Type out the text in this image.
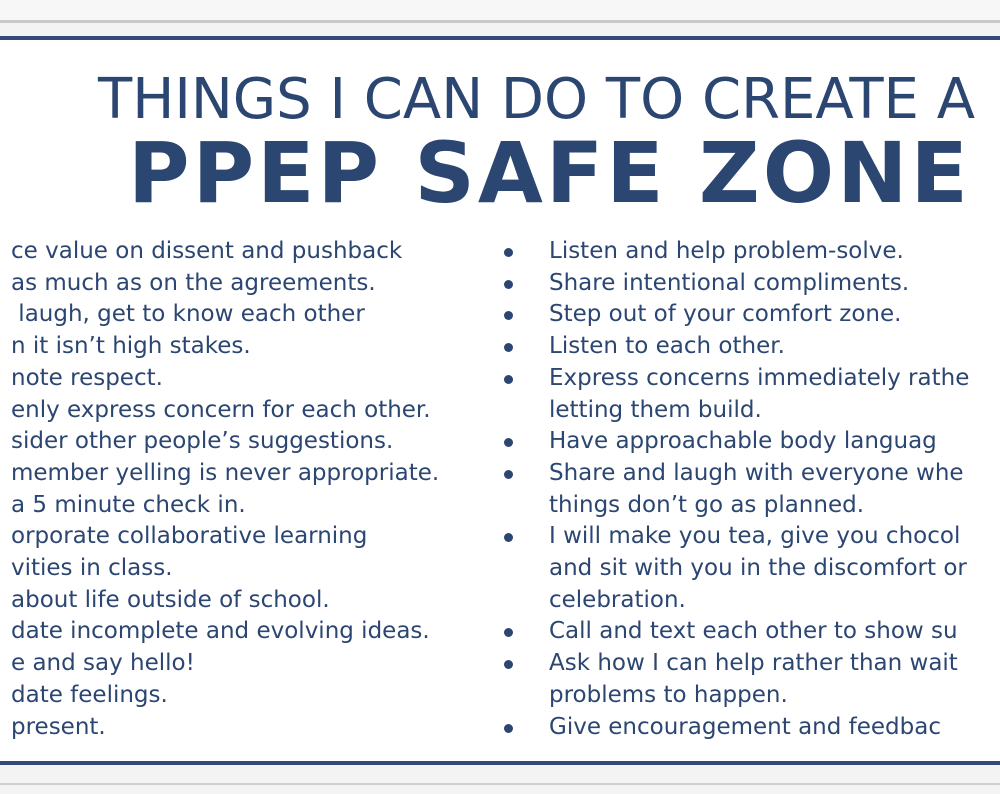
THINGS I CAN DO TO CREATE A
PPEP SAFE ZONE
ce value on dissent and pushback
as much as on the agreements.
laugh, get to know each other
n it isn’t high stakes.
note respect.
enly express concern for each other.
sider other people’s suggestions.
member yelling is never appropriate.
a 5 minute check in.
orporate collaborative learning
vities in class.
about life outside of school.
date incomplete and evolving ideas.
e and say hello!
date feelings.
present.
Listen and help problem-solve.
Share intentional compliments.
Step out of your comfort zone.
Listen to each other.
Express concerns immediately rathe
letting them build.
Have approachable body languag
Share and laugh with everyone whe
things don’t go as planned.
I will make you tea, give you chocol
and sit with you in the discomfort or
celebration.
Call and text each other to show su
Ask how I can help rather than wait
problems to happen.
Give encouragement and feedbac
